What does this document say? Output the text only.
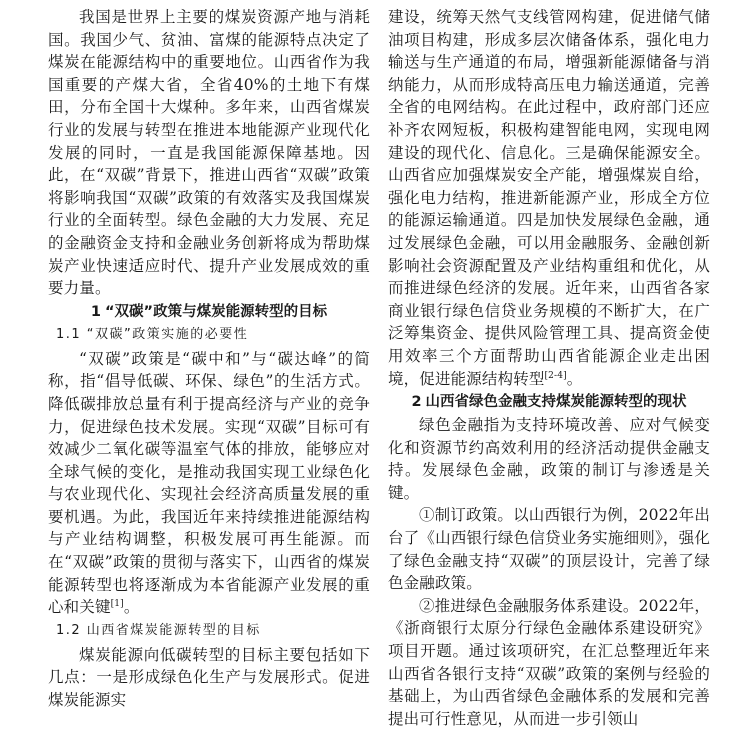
我国是世界上主要的煤炭资源产地与消耗国。我国少气、贫油、富煤的能源特点决定了煤炭在能源结构中的重要地位。山西省作为我国重要的产煤大省，全省40%的土地下有煤田，分布全国十大煤种。多年来，山西省煤炭行业的发展与转型在推进本地能源产业现代化发展的同时，一直是我国能源保障基地。因此，在“双碳”背景下，推进山西省“双碳”政策将影响我国“双碳”政策的有效落实及我国煤炭行业的全面转型。绿色金融的大力发展、充足的金融资金支持和金融业务创新将成为帮助煤炭产业快速适应时代、提升产业发展成效的重要力量。

1 “双碳”政策与煤炭能源转型的目标
1.1 “双碳”政策实施的必要性

“双碳”政策是“碳中和”与“碳达峰”的简称，指“倡导低碳、环保、绿色”的生活方式。降低碳排放总量有利于提高经济与产业的竞争力，促进绿色技术发展。实现“双碳”目标可有效减少二氧化碳等温室气体的排放，能够应对全球气候的变化，是推动我国实现工业绿色化与农业现代化、实现社会经济高质量发展的重要机遇。为此，我国近年来持续推进能源结构与产业结构调整，积极发展可再生能源。而在“双碳”政策的贯彻与落实下，山西省的煤炭能源转型也将逐渐成为本省能源产业发展的重心和关键[1]。

1.2 山西省煤炭能源转型的目标

煤炭能源向低碳转型的目标主要包括如下几点：一是形成绿色化生产与发展形式。促进煤炭能源实

建设，统筹天然气支线管网构建，促进储气储油项目构建，形成多层次储备体系，强化电力输送与生产通道的布局，增强新能源储备与消纳能力，从而形成特高压电力输送通道，完善全省的电网结构。在此过程中，政府部门还应补齐农网短板，积极构建智能电网，实现电网建设的现代化、信息化。三是确保能源安全。山西省应加强煤炭安全产能，增强煤炭自给，强化电力结构，推进新能源产业，形成全方位的能源运输通道。四是加快发展绿色金融，通过发展绿色金融，可以用金融服务、金融创新影响社会资源配置及产业结构重组和优化，从而推进绿色经济的发展。近年来，山西省各家商业银行绿色信贷业务规模的不断扩大，在广泛筹集资金、提供风险管理工具、提高资金使用效率三个方面帮助山西省能源企业走出困境，促进能源结构转型[2-4]。

2 山西省绿色金融支持煤炭能源转型的现状

绿色金融指为支持环境改善、应对气候变化和资源节约高效利用的经济活动提供金融支持。发展绿色金融，政策的制订与渗透是关键。

①制订政策。以山西银行为例，2022年出台了《山西银行绿色信贷业务实施细则》，强化了绿色金融支持“双碳”的顶层设计，完善了绿色金融政策。

②推进绿色金融服务体系建设。2022年，《浙商银行太原分行绿色金融体系建设研究》项目开题。通过该项研究，在汇总整理近年来山西省各银行支持“双碳”政策的案例与经验的基础上，为山西省绿色金融体系的发展和完善提出可行性意见，从而进一步引领山
